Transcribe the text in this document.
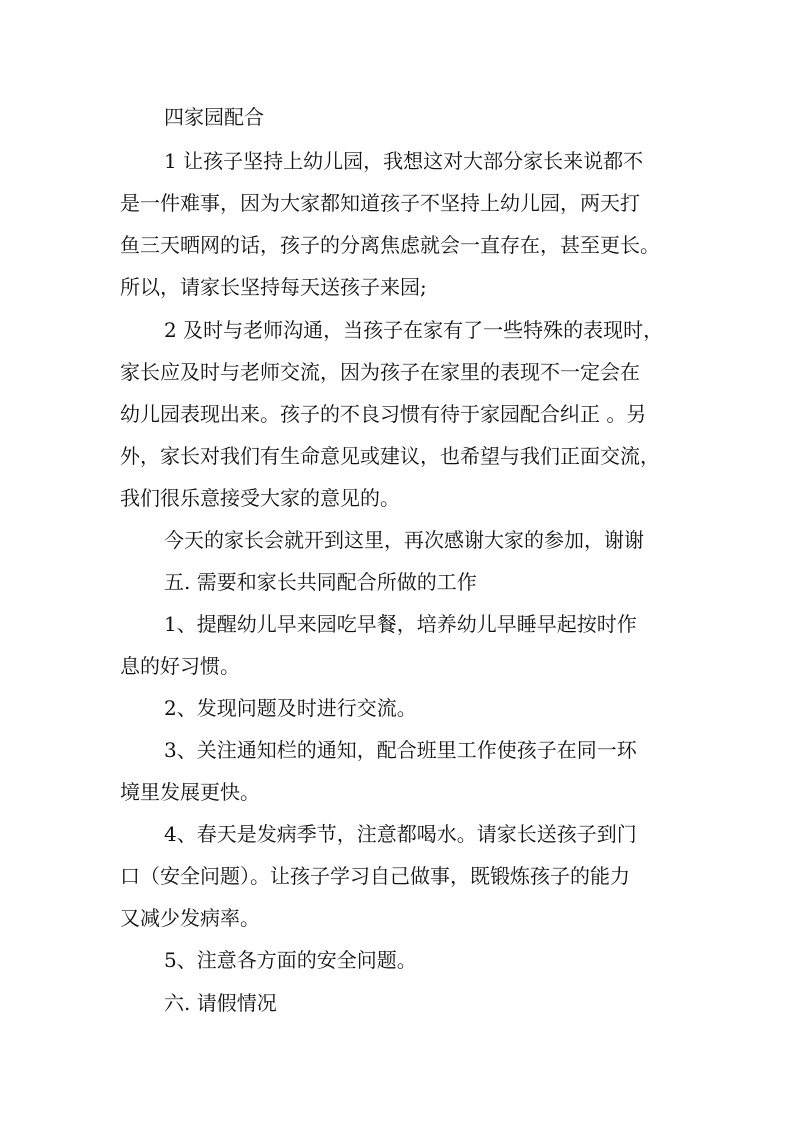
四家园配合
1 让孩子坚持上幼儿园，我想这对大部分家长来说都不
是一件难事，因为大家都知道孩子不坚持上幼儿园，两天打
鱼三天晒网的话，孩子的分离焦虑就会一直存在，甚至更长。
所以，请家长坚持每天送孩子来园;
2 及时与老师沟通，当孩子在家有了一些特殊的表现时，
家长应及时与老师交流，因为孩子在家里的表现不一定会在
幼儿园表现出来。孩子的不良习惯有待于家园配合纠正 。另
外，家长对我们有生命意见或建议，也希望与我们正面交流，
我们很乐意接受大家的意见的。
今天的家长会就开到这里，再次感谢大家的参加，谢谢
五. 需要和家长共同配合所做的工作
1、提醒幼儿早来园吃早餐，培养幼儿早睡早起按时作
息的好习惯。
2、发现问题及时进行交流。
3、关注通知栏的通知，配合班里工作使孩子在同一环
境里发展更快。
4、春天是发病季节，注意都喝水。请家长送孩子到门
口（安全问题）。让孩子学习自己做事，既锻炼孩子的能力
又减少发病率。
5、注意各方面的安全问题。
六. 请假情况
